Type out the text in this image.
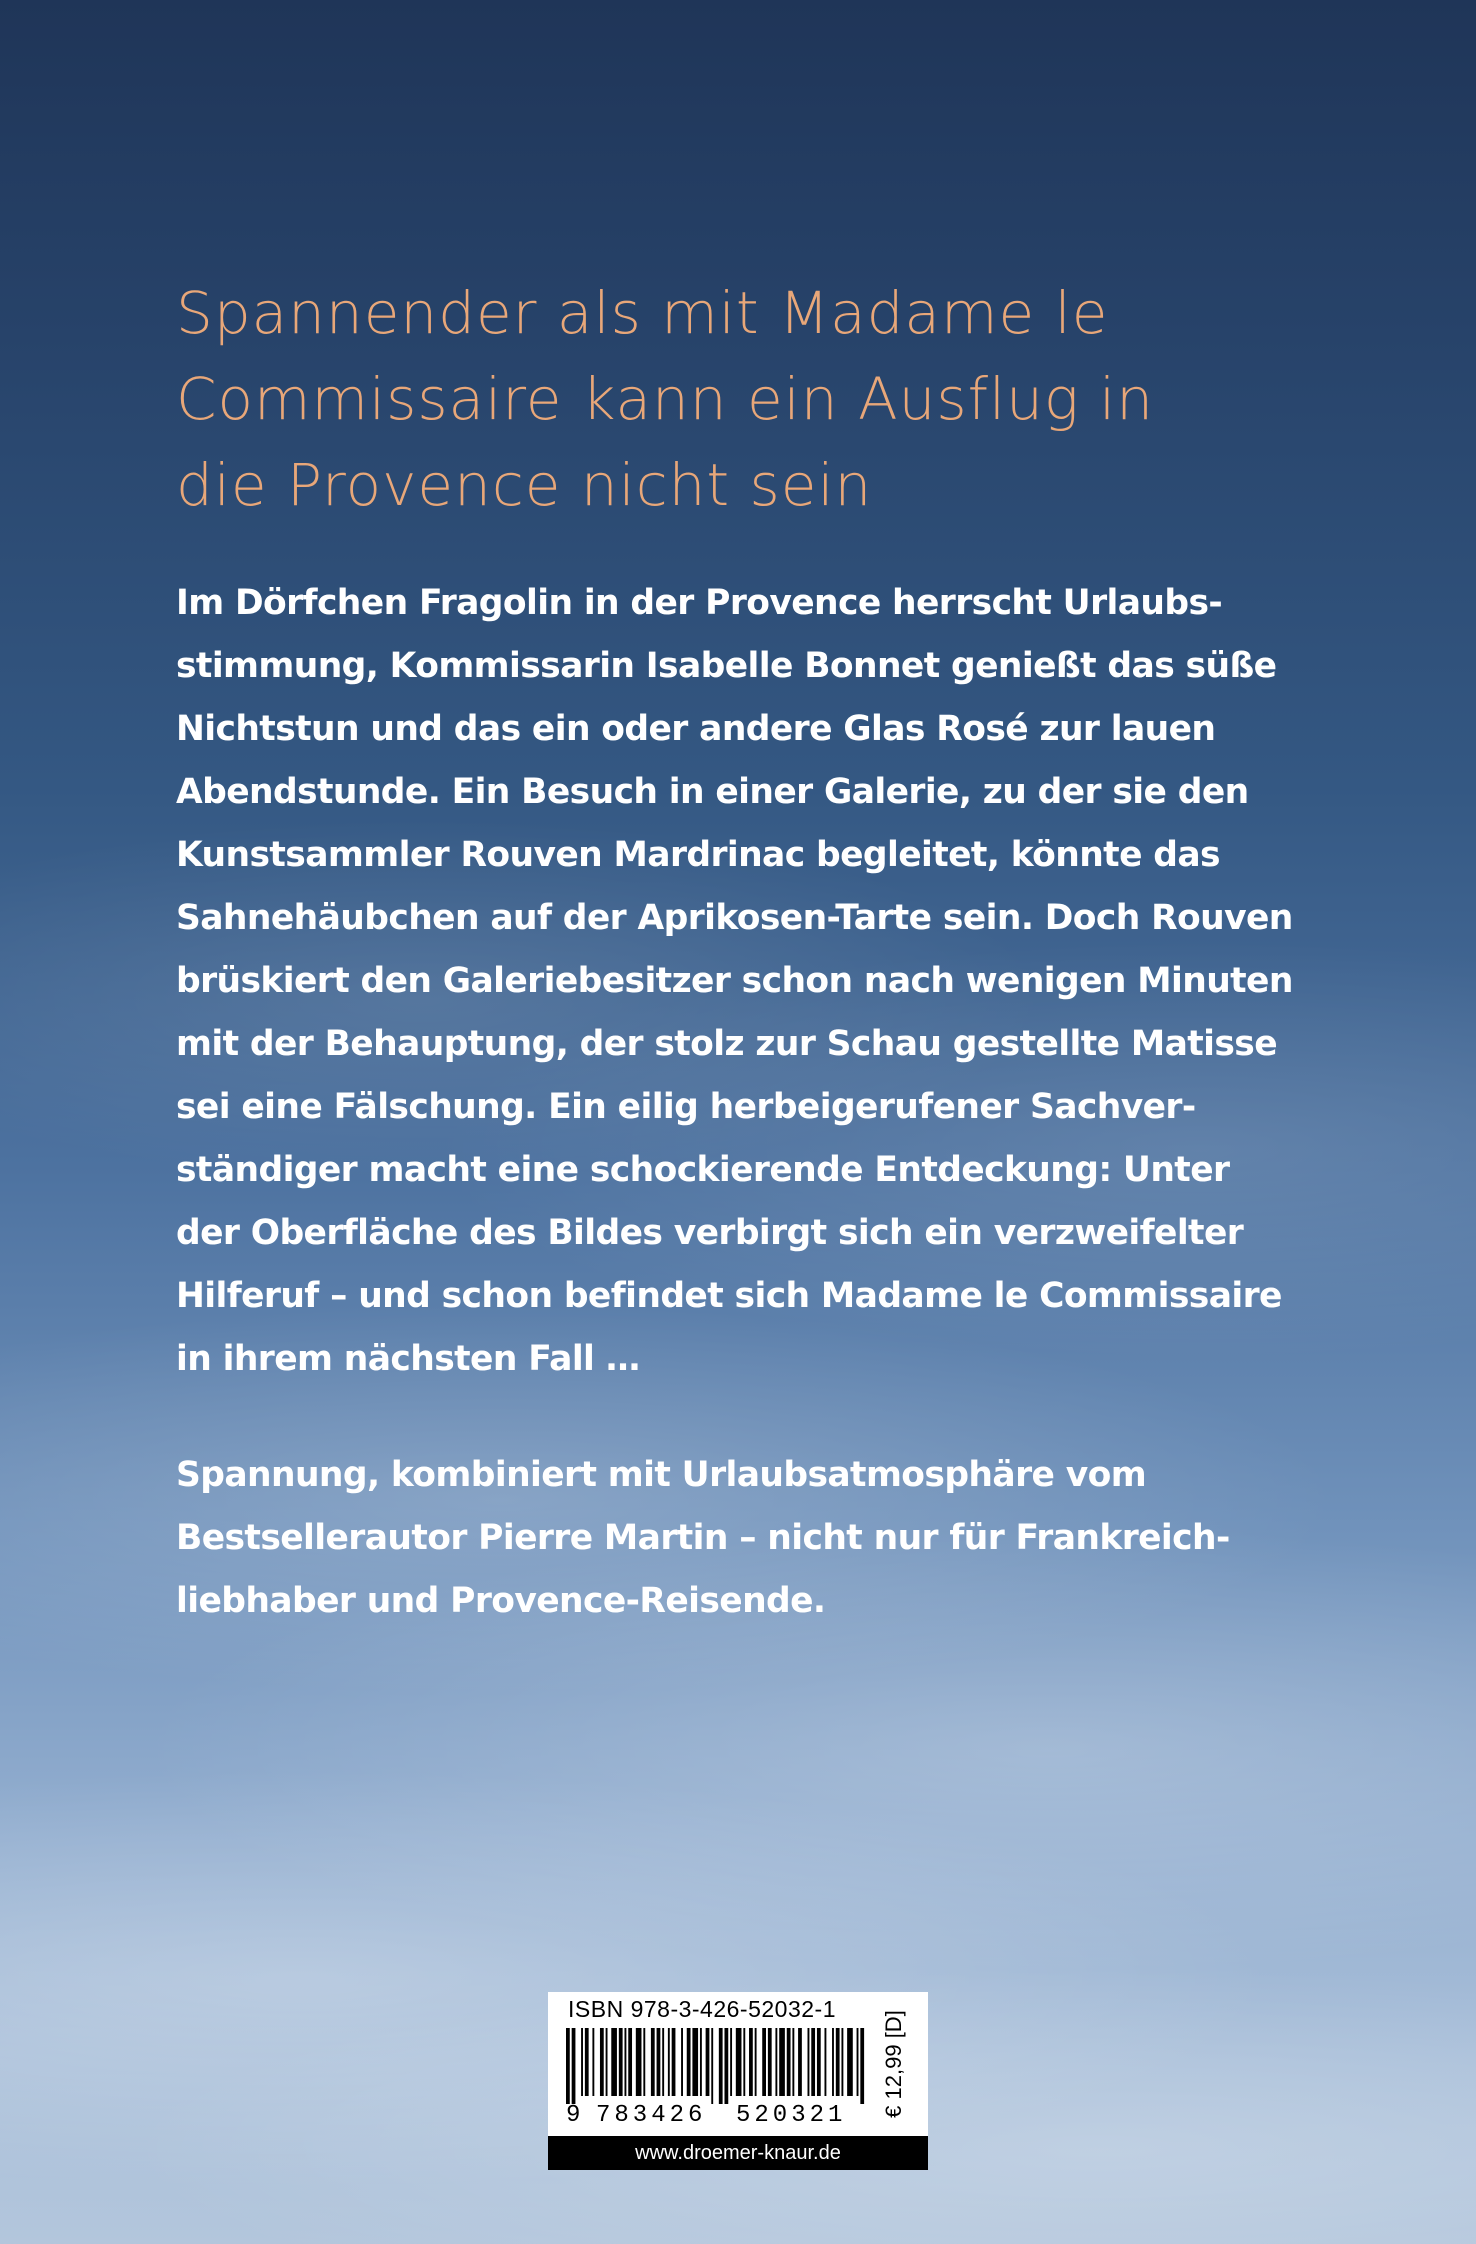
Spannender als mit Madame le
Commissaire kann ein Ausflug in
die Provence nicht sein

Im Dörfchen Fragolin in der Provence herrscht Urlaubs-
stimmung, Kommissarin Isabelle Bonnet genießt das süße
Nichtstun und das ein oder andere Glas Rosé zur lauen
Abendstunde. Ein Besuch in einer Galerie, zu der sie den
Kunstsammler Rouven Mardrinac begleitet, könnte das
Sahnehäubchen auf der Aprikosen-Tarte sein. Doch Rouven
brüskiert den Galeriebesitzer schon nach wenigen Minuten
mit der Behauptung, der stolz zur Schau gestellte Matisse
sei eine Fälschung. Ein eilig herbeigerufener Sachver-
ständiger macht eine schockierende Entdeckung: Unter
der Oberfläche des Bildes verbirgt sich ein verzweifelter
Hilferuf – und schon befindet sich Madame le Commissaire
in ihrem nächsten Fall …

Spannung, kombiniert mit Urlaubsatmosphäre vom
Bestsellerautor Pierre Martin – nicht nur für Frankreich-
liebhaber und Provence-Reisende.

ISBN 978-3-426-52032-1
9 783426 520321	€ 12,99 [D]
www.droemer-knaur.de
